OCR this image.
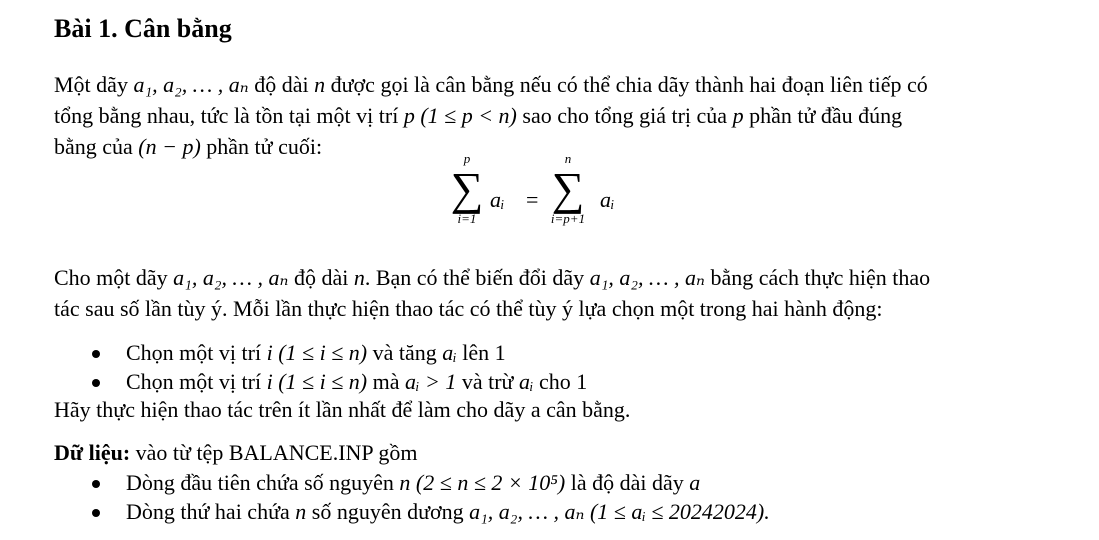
Bài 1. Cân bằng
Một dãy a₁, a₂, … , aₙ độ dài n được gọi là cân bằng nếu có thể chia dãy thành hai đoạn liên tiếp có
tổng bằng nhau, tức là tồn tại một vị trí p (1 ≤ p < n) sao cho tổng giá trị của p phần tử đầu đúng
bằng của (n − p) phần tử cuối:	p
∑
i=1
aᵢ =
n
∑
i=p+1
aᵢ
Cho một dãy a₁, a₂, … , aₙ độ dài n. Bạn có thể biến đổi dãy a₁, a₂, … , aₙ bằng cách thực hiện thao
tác sau số lần tùy ý. Mỗi lần thực hiện thao tác có thể tùy ý lựa chọn một trong hai hành động:
Chọn một vị trí i (1 ≤ i ≤ n) và tăng aᵢ lên 1
Chọn một vị trí i (1 ≤ i ≤ n) mà aᵢ > 1 và trừ aᵢ cho 1
Hãy thực hiện thao tác trên ít lần nhất để làm cho dãy a cân bằng.
Dữ liệu: vào từ tệp BALANCE.INP gồm
Dòng đầu tiên chứa số nguyên n (2 ≤ n ≤ 2 × 10⁵) là độ dài dãy a
Dòng thứ hai chứa n số nguyên dương a₁, a₂, … , aₙ (1 ≤ aᵢ ≤ 20242024).
